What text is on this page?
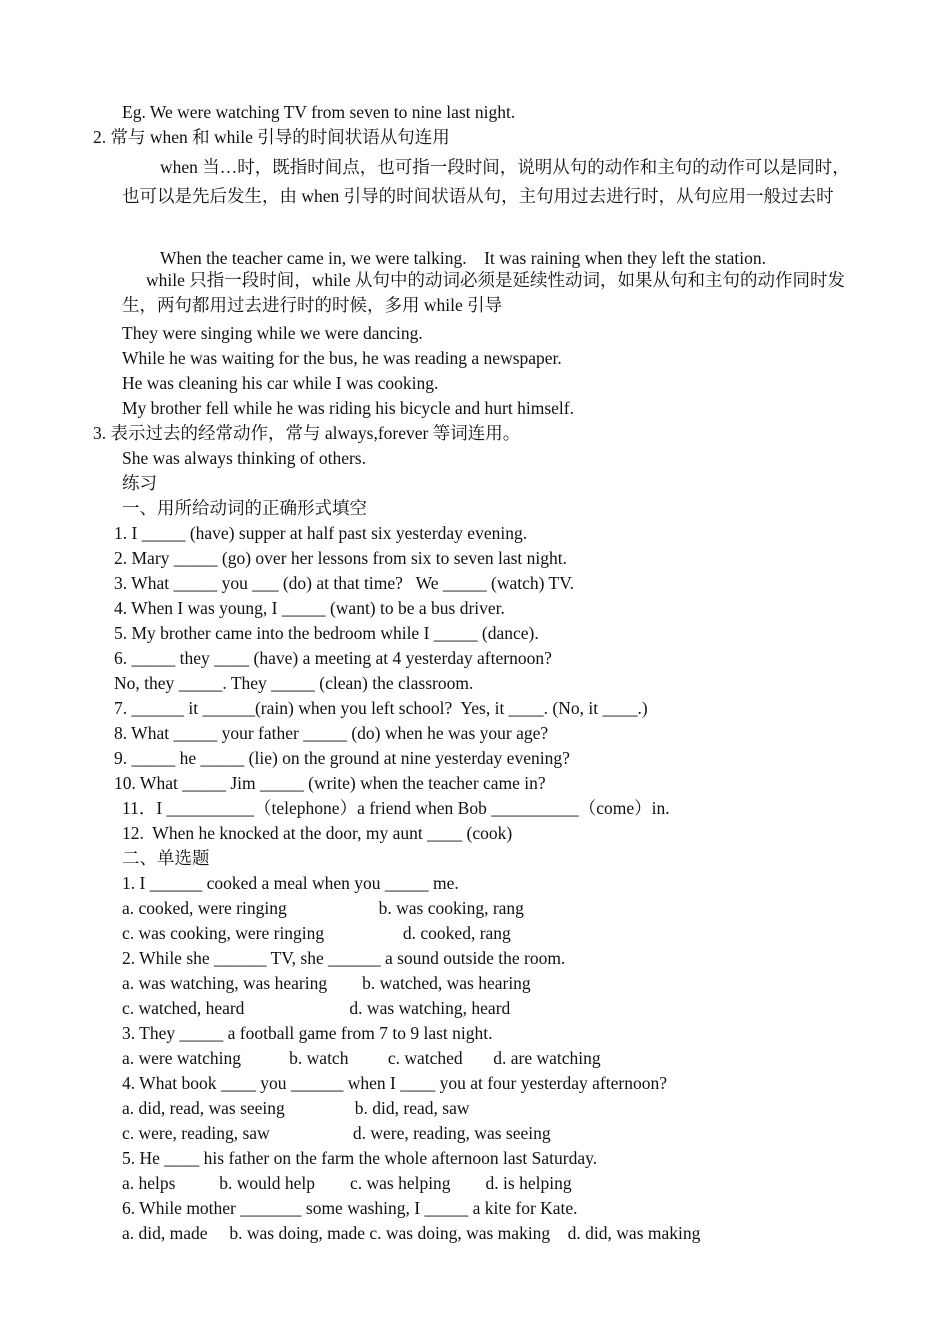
Eg. We were watching TV from seven to nine last night.
2. 常与 when 和 while 引导的时间状语从句连用
when 当…时，既指时间点，也可指一段时间，说明从句的动作和主句的动作可以是同时，也可以是先后发生，由 when 引导的时间状语从句，主句用过去进行时，从句应用一般过去时
When the teacher came in, we were talking.    It was raining when they left the station.
while 只指一段时间，while 从句中的动词必须是延续性动词，如果从句和主句的动作同时发生，两句都用过去进行时的时候，多用 while 引导
They were singing while we were dancing.
While he was waiting for the bus, he was reading a newspaper.
He was cleaning his car while I was cooking.
My brother fell while he was riding his bicycle and hurt himself.
3. 表示过去的经常动作，常与 always,forever 等词连用。
She was always thinking of others.
练习
一、用所给动词的正确形式填空
1. I _____ (have) supper at half past six yesterday evening.
2. Mary _____ (go) over her lessons from six to seven last night.
3. What _____ you ___ (do) at that time?   We _____ (watch) TV.
4. When I was young, I _____ (want) to be a bus driver.
5. My brother came into the bedroom while I _____ (dance).
6. _____ they ____ (have) a meeting at 4 yesterday afternoon?
No, they _____. They _____ (clean) the classroom.
7. ______ it ______(rain) when you left school?  Yes, it ____. (No, it ____.)
8. What _____ your father _____ (do) when he was your age?
9. _____ he _____ (lie) on the ground at nine yesterday evening?
10. What _____ Jim _____ (write) when the teacher came in?
11．I __________（telephone）a friend when Bob __________（come）in.
12.  When he knocked at the door, my aunt ____ (cook)
二、单选题
1. I ______ cooked a meal when you _____ me.
a. cooked, were ringing                     b. was cooking, rang
c. was cooking, were ringing                  d. cooked, rang
2. While she ______ TV, she ______ a sound outside the room.
a. was watching, was hearing        b. watched, was hearing
c. watched, heard                        d. was watching, heard
3. They _____ a football game from 7 to 9 last night.
a. were watching           b. watch         c. watched       d. are watching
4. What book ____ you ______ when I ____ you at four yesterday afternoon?
a. did, read, was seeing                b. did, read, saw
c. were, reading, saw                   d. were, reading, was seeing
5. He ____ his father on the farm the whole afternoon last Saturday.
a. helps          b. would help        c. was helping        d. is helping
6. While mother _______ some washing, I _____ a kite for Kate.
a. did, made     b. was doing, made c. was doing, was making    d. did, was making
